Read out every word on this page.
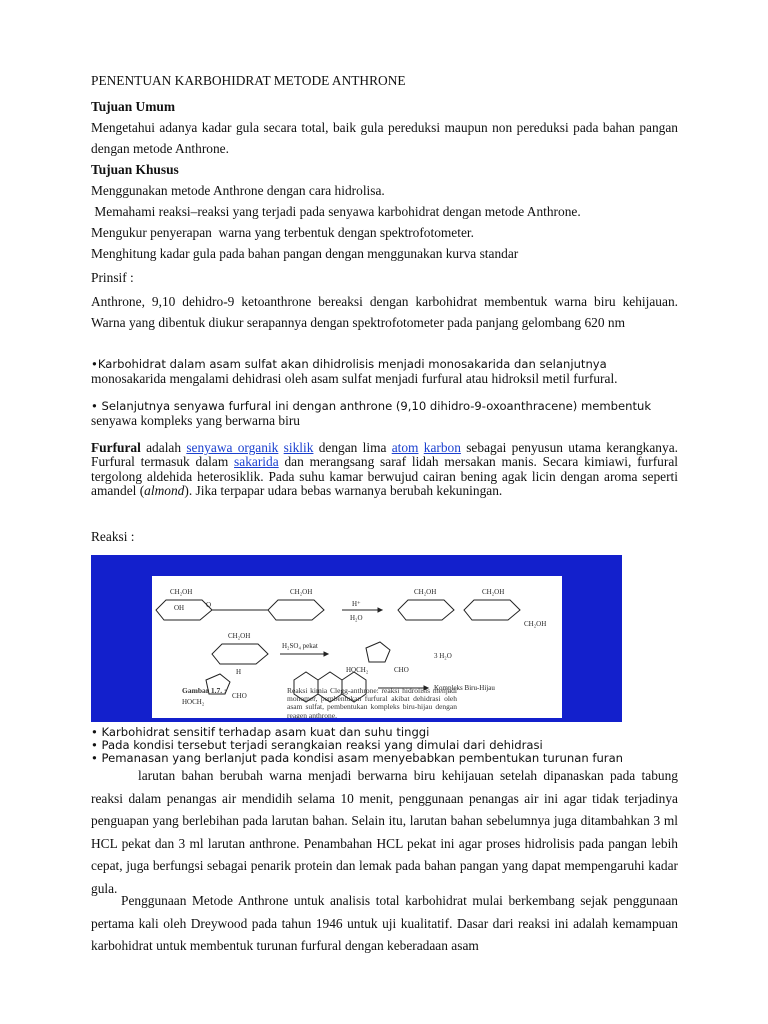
PENENTUAN KARBOHIDRAT METODE ANTHRONE

Tujuan Umum

Mengetahui adanya kadar gula secara total, baik gula pereduksi maupun non pereduksi pada bahan pangan dengan metode Anthrone.

Tujuan Khusus

Menggunakan metode Anthrone dengan cara hidrolisa.

Memahami reaksi–reaksi yang terjadi pada senyawa karbohidrat dengan metode Anthrone.

Mengukur penyerapan  warna yang terbentuk dengan spektrofotometer.

Menghitung kadar gula pada bahan pangan dengan menggunakan kurva standar

Prinsif :

Anthrone, 9,10 dehidro-9 ketoanthrone bereaksi dengan karbohidrat membentuk warna biru kehijauan. Warna yang dibentuk diukur serapannya dengan spektrofotometer pada panjang gelombang 620 nm

•Karbohidrat dalam asam sulfat akan dihidrolisis menjadi monosakarida dan selanjutnya

monosakarida mengalami dehidrasi oleh asam sulfat menjadi furfural atau hidroksil metil furfural.

• Selanjutnya senyawa furfural ini dengan anthrone (9,10 dihidro-9-oxoanthracene) membentuk

senyawa kompleks yang berwarna biru

Furfural adalah senyawa organik siklik dengan lima atom karbon sebagai penyusun utama kerangkanya. Furfural termasuk dalam sakarida dan merangsang saraf lidah mersakan manis. Secara kimiawi, furfural tergolong aldehida heterosiklik. Pada suhu kamar berwujud cairan bening agak licin dengan aroma seperti amandel (almond). Jika terpapar udara bebas warnanya berubah kekuningan.

Reaksi :

CH₂OH
OH	O
CH₂OH
H⁺
H₂O
CH₂OH	CH₂OH
CH₂OH
CH₂OH
H
H₂SO₄ pekat
HOCH₂	CHO
3 H₂O
HOCH₂
CHO
Kompleks Biru-Hijau
Gambar 1.7. :	Reaksi kimia Clegg-anthrone: reaksi hidrolisis menjadi monomer, pembentukan furfural akibat dehidrasi oleh asam sulfat, pembentukan kompleks biru-hijau dengan reagen anthrone.

• Karbohidrat sensitif terhadap asam kuat dan suhu tinggi

• Pada kondisi tersebut terjadi serangkaian reaksi yang dimulai dari dehidrasi

• Pemanasan yang berlanjut pada kondisi asam menyebabkan pembentukan turunan furan

larutan bahan berubah warna menjadi berwarna biru kehijauan setelah dipanaskan pada tabung reaksi dalam penangas air mendidih selama 10 menit, penggunaan penangas air ini agar tidak terjadinya penguapan yang berlebihan pada larutan bahan. Selain itu, larutan bahan sebelumnya juga ditambahkan 3 ml HCL pekat dan 3 ml larutan anthrone. Penambahan HCL pekat ini agar proses hidrolisis pada pangan lebih cepat, juga berfungsi sebagai penarik protein dan lemak pada bahan pangan yang dapat mempengaruhi kadar gula.

Penggunaan Metode Anthrone untuk analisis total karbohidrat mulai berkembang sejak penggunaan pertama kali oleh Dreywood pada tahun 1946 untuk uji kualitatif. Dasar dari reaksi ini adalah kemampuan karbohidrat untuk membentuk turunan furfural dengan keberadaan asam
